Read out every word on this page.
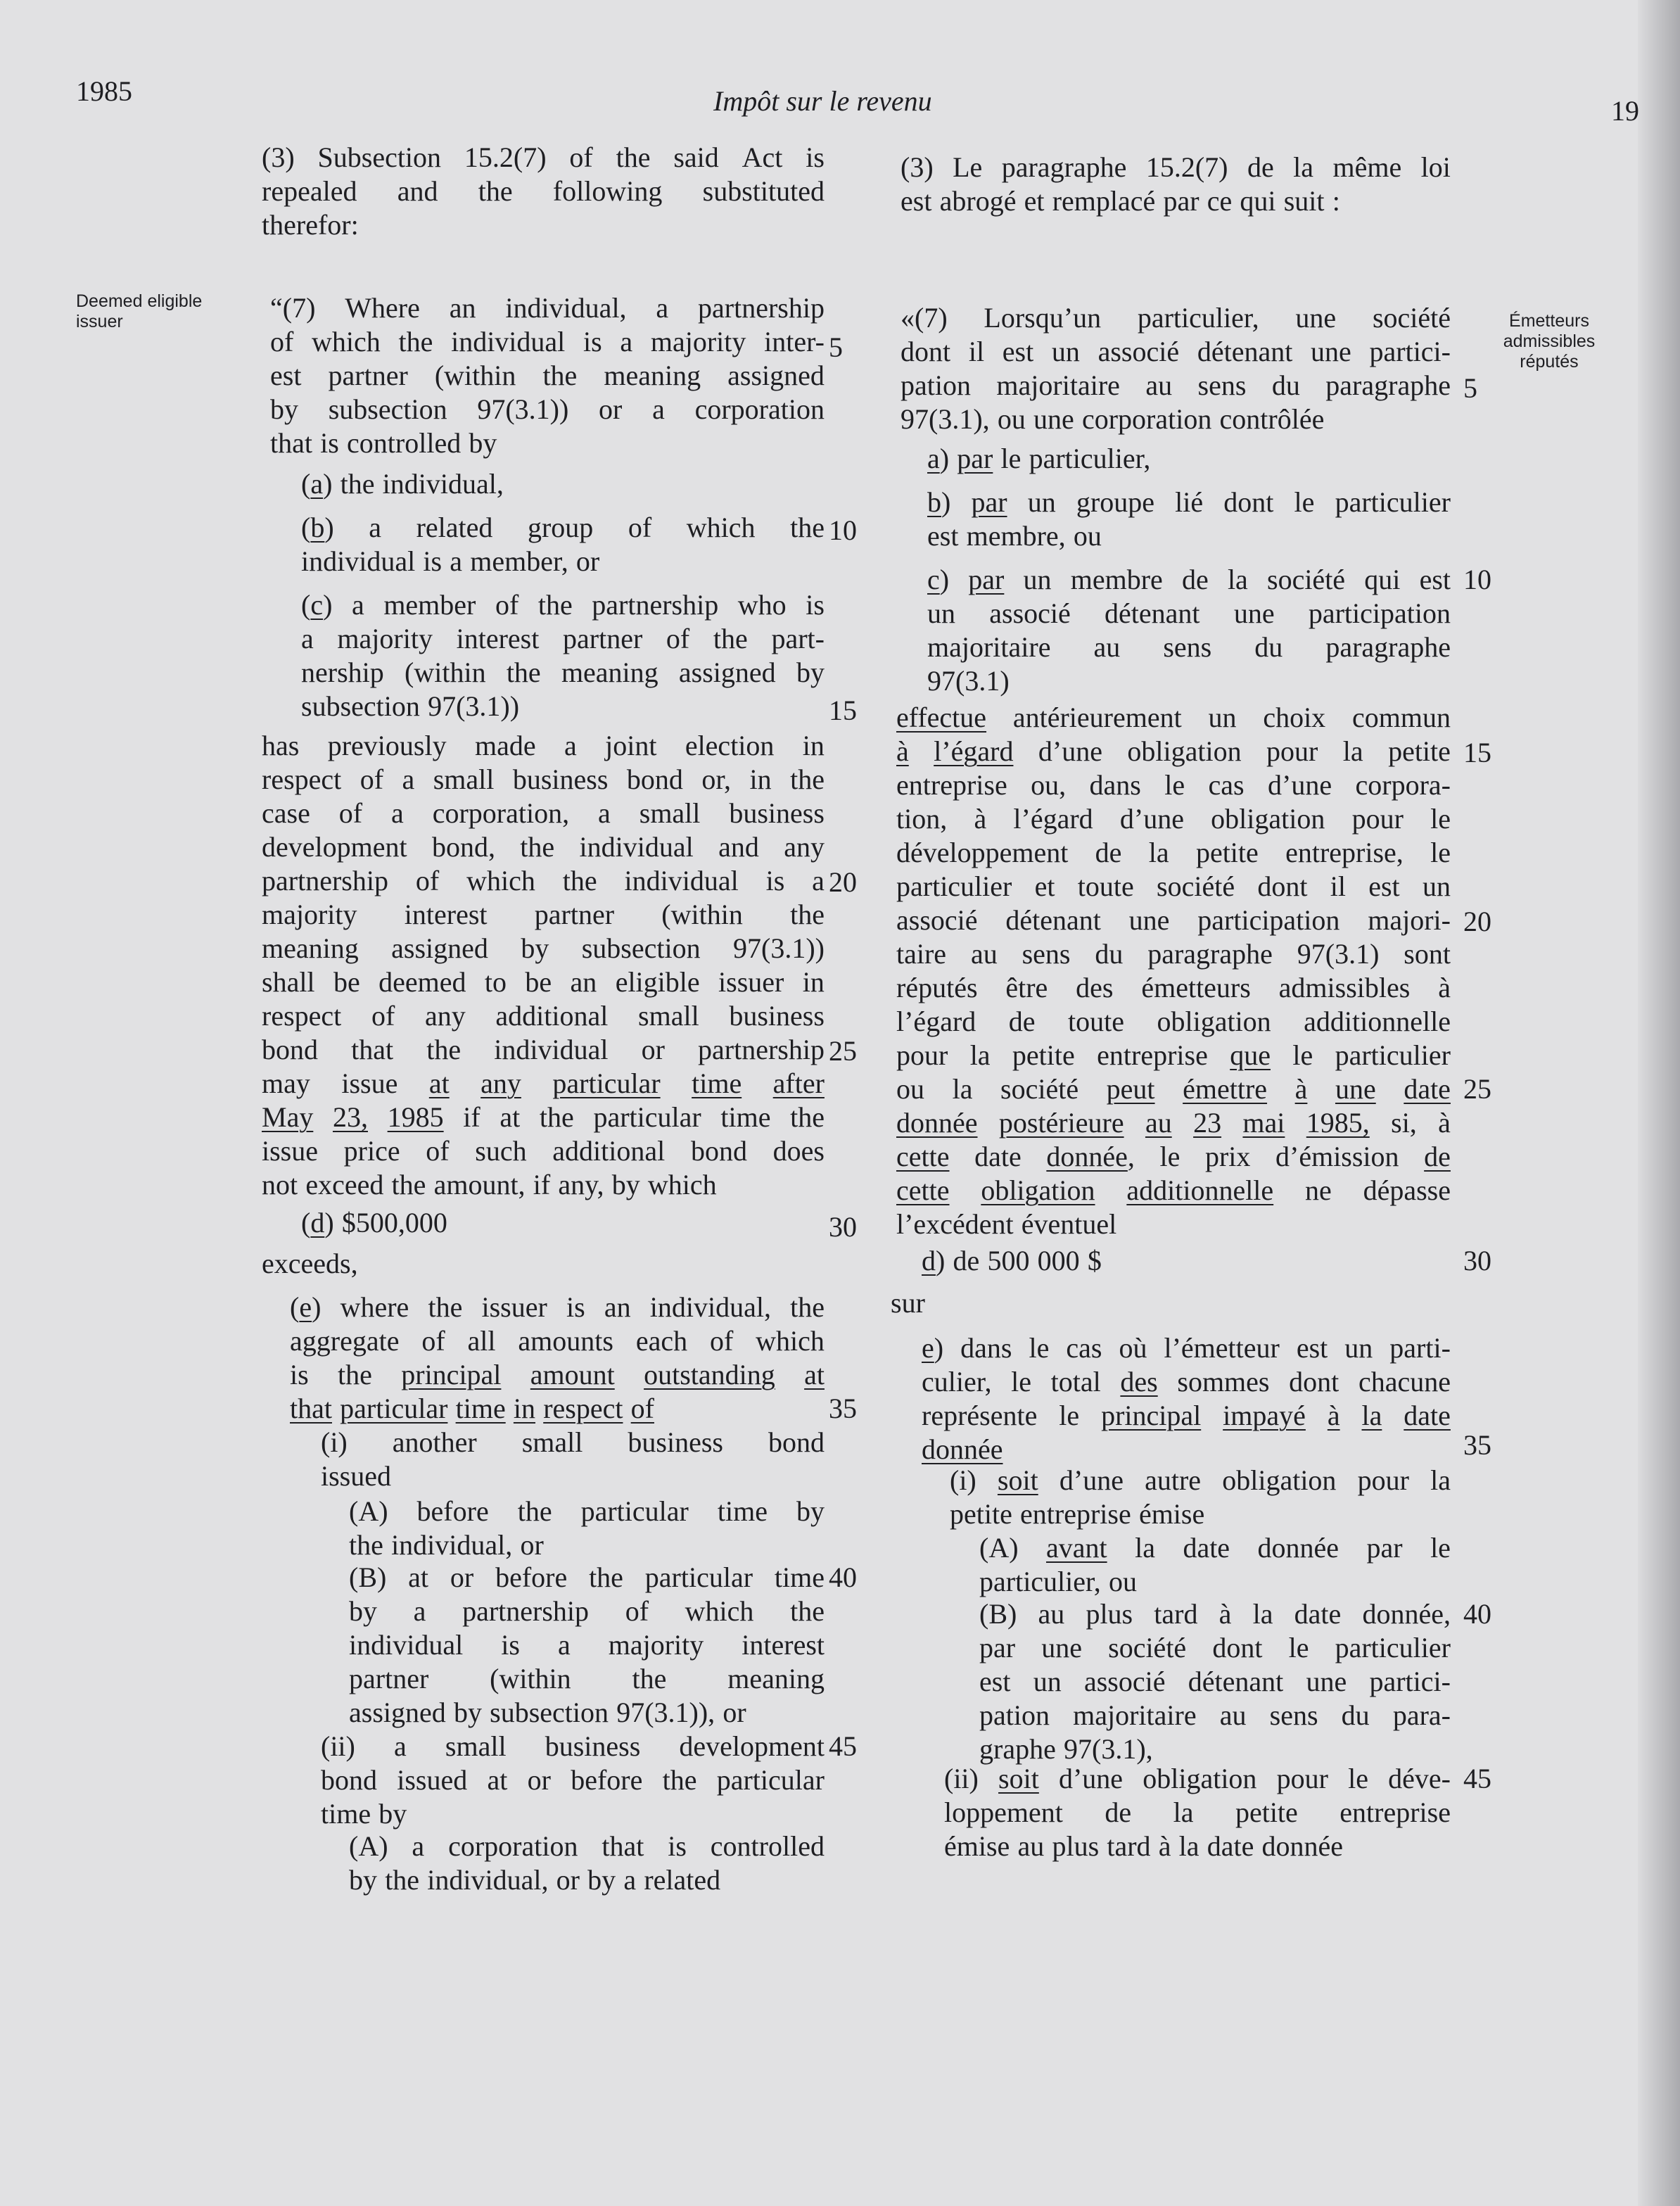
1985	Impôt sur le revenu	19
Deemed eligible issuer	Émetteurs admissibles réputés
(3) Subsection 15.2(7) of the said Act is
repealed and the following substituted
therefor:
“(7) Where an individual, a partnership
of which the individual is a majority inter-
est partner (within the meaning assigned
by subsection 97(3.1)) or a corporation
that is controlled by
(a) the individual,
(b) a related group of which the
individual is a member, or
(c) a member of the partnership who is
a majority interest partner of the part-
nership (within the meaning assigned by
subsection 97(3.1))
has previously made a joint election in
respect of a small business bond or, in the
case of a corporation, a small business
development bond, the individual and any
partnership of which the individual is a
majority interest partner (within the
meaning assigned by subsection 97(3.1))
shall be deemed to be an eligible issuer in
respect of any additional small business
bond that the individual or partnership
may issue at any particular time after
May 23, 1985 if at the particular time the
issue price of such additional bond does
not exceed the amount, if any, by which
(d) $500,000
exceeds,
(e) where the issuer is an individual, the
aggregate of all amounts each of which
is the principal amount outstanding at
that particular time in respect of
(i) another small business bond
issued
(A) before the particular time by
the individual, or
(B) at or before the particular time
by a partnership of which the
individual is a majority interest
partner (within the meaning
assigned by subsection 97(3.1)), or
(ii) a small business development
bond issued at or before the particular
time by
(A) a corporation that is controlled
by the individual, or by a related
(3) Le paragraphe 15.2(7) de la même loi
est abrogé et remplacé par ce qui suit :
«(7) Lorsqu’un particulier, une société
dont il est un associé détenant une partici-
pation majoritaire au sens du paragraphe
97(3.1), ou une corporation contrôlée
a) par le particulier,
b) par un groupe lié dont le particulier
est membre, ou
c) par un membre de la société qui est
un associé détenant une participation
majoritaire au sens du paragraphe
97(3.1)
effectue antérieurement un choix commun
à l’égard d’une obligation pour la petite
entreprise ou, dans le cas d’une corpora-
tion, à l’égard d’une obligation pour le
développement de la petite entreprise, le
particulier et toute société dont il est un
associé détenant une participation majori-
taire au sens du paragraphe 97(3.1) sont
réputés être des émetteurs admissibles à
l’égard de toute obligation additionnelle
pour la petite entreprise que le particulier
ou la société peut émettre à une date
donnée postérieure au 23 mai 1985, si, à
cette date donnée, le prix d’émission de
cette obligation additionnelle ne dépasse
l’excédent éventuel
d) de 500 000 $
sur
e) dans le cas où l’émetteur est un parti-
culier, le total des sommes dont chacune
représente le principal impayé à la date
donnée
(i) soit d’une autre obligation pour la
petite entreprise émise
(A) avant la date donnée par le
particulier, ou
(B) au plus tard à la date donnée,
par une société dont le particulier
est un associé détenant une partici-
pation majoritaire au sens du para-
graphe 97(3.1),
(ii) soit d’une obligation pour le déve-
loppement de la petite entreprise
émise au plus tard à la date donnée
5
10
15
20
25
30
35
40
45
5
10
15
20
25
30
35
40
45
